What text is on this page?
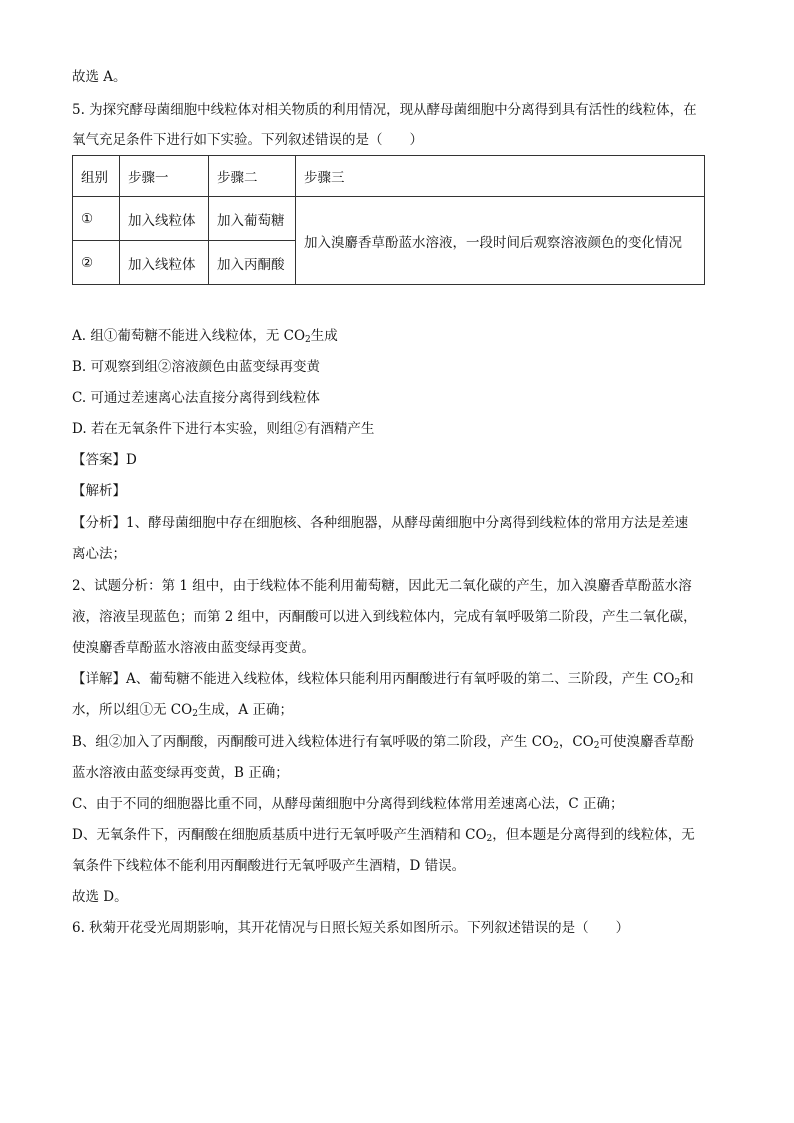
故选 A。
5. 为探究酵母菌细胞中线粒体对相关物质的利用情况，现从酵母菌细胞中分离得到具有活性的线粒体，在
氧气充足条件下进行如下实验。下列叙述错误的是（　　）
组别	步骤一	步骤二	步骤三
①	加入线粒体	加入葡萄糖	加入溴麝香草酚蓝水溶液，一段时间后观察溶液颜色的变化情况
②	加入线粒体	加入丙酮酸	
A. 组①葡萄糖不能进入线粒体，无 $CO_2$生成
B. 可观察到组②溶液颜色由蓝变绿再变黄
C. 可通过差速离心法直接分离得到线粒体
D. 若在无氧条件下进行本实验，则组②有酒精产生
【答案】D
【解析】
【分析】1、酵母菌细胞中存在细胞核、各种细胞器，从酵母菌细胞中分离得到线粒体的常用方法是差速
离心法；
2、试题分析：第 1 组中，由于线粒体不能利用葡萄糖，因此无二氧化碳的产生，加入溴麝香草酚蓝水溶
液，溶液呈现蓝色；而第 2 组中，丙酮酸可以进入到线粒体内，完成有氧呼吸第二阶段，产生二氧化碳，
使溴麝香草酚蓝水溶液由蓝变绿再变黄。
【详解】A、葡萄糖不能进入线粒体，线粒体只能利用丙酮酸进行有氧呼吸的第二、三阶段，产生 $CO_2$和
水，所以组①无 $CO_2$生成，A 正确；
B、组②加入了丙酮酸，丙酮酸可进入线粒体进行有氧呼吸的第二阶段，产生 $CO_2$，$CO_2$可使溴麝香草酚
蓝水溶液由蓝变绿再变黄，B 正确；
C、由于不同的细胞器比重不同，从酵母菌细胞中分离得到线粒体常用差速离心法，C 正确；
D、无氧条件下，丙酮酸在细胞质基质中进行无氧呼吸产生酒精和 $CO_2$，但本题是分离得到的线粒体，无
氧条件下线粒体不能利用丙酮酸进行无氧呼吸产生酒精，D 错误。
故选 D。
6. 秋菊开花受光周期影响，其开花情况与日照长短关系如图所示。下列叙述错误的是（　　）
